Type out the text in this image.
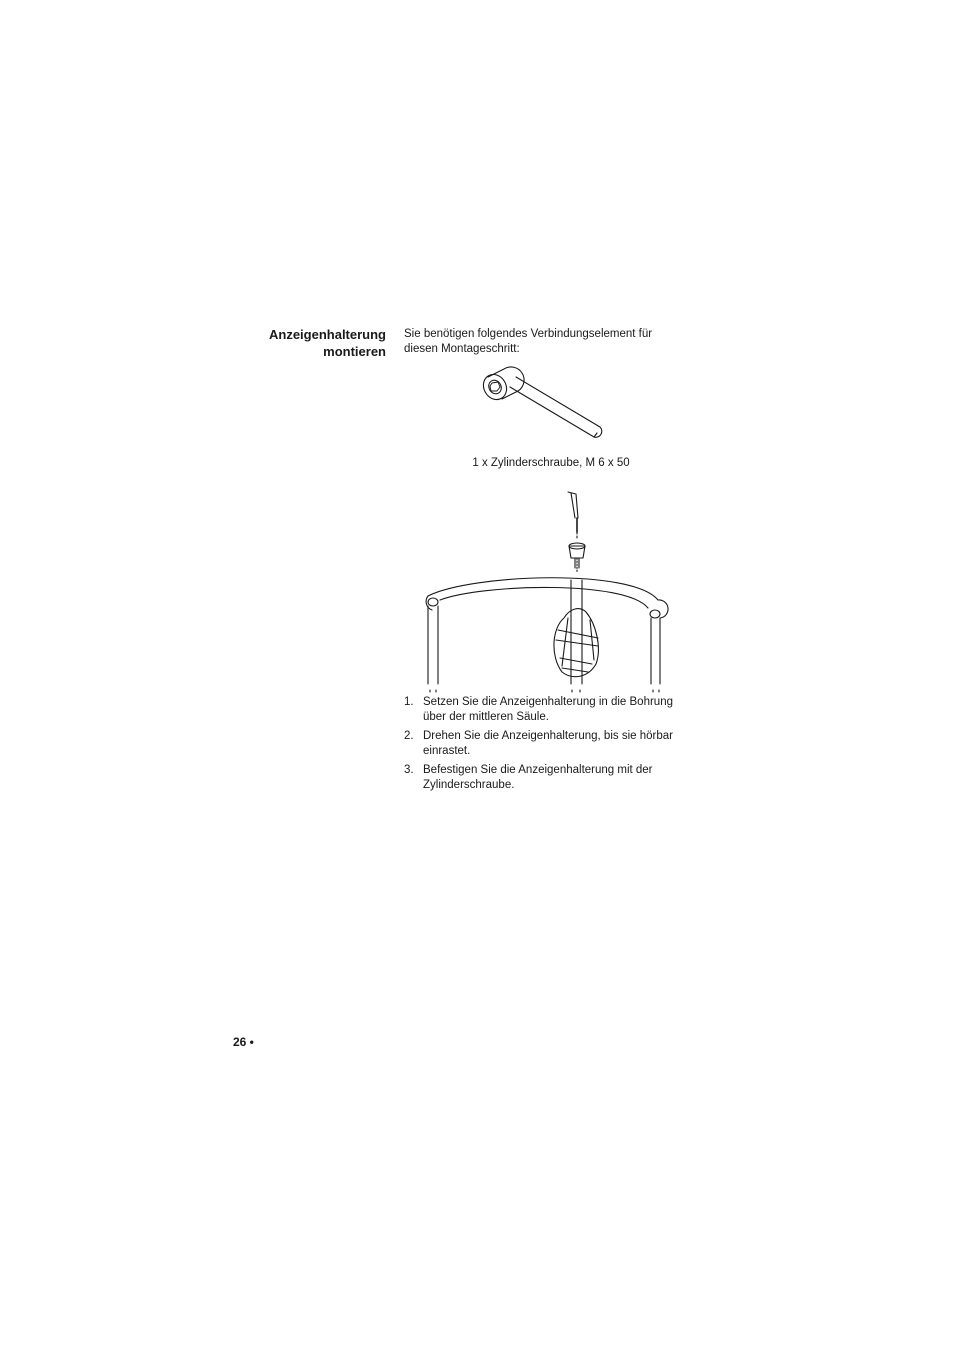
Anzeigenhalterung
montieren
Sie benötigen folgendes Verbindungselement für
diesen Montageschritt:
1 x Zylinderschraube, M 6 x 50
1. Setzen Sie die Anzeigenhalterung in die Bohrung über der mittleren Säule.
2. Drehen Sie die Anzeigenhalterung, bis sie hörbar einrastet.
3. Befestigen Sie die Anzeigenhalterung mit der Zylinderschraube.
26 •
